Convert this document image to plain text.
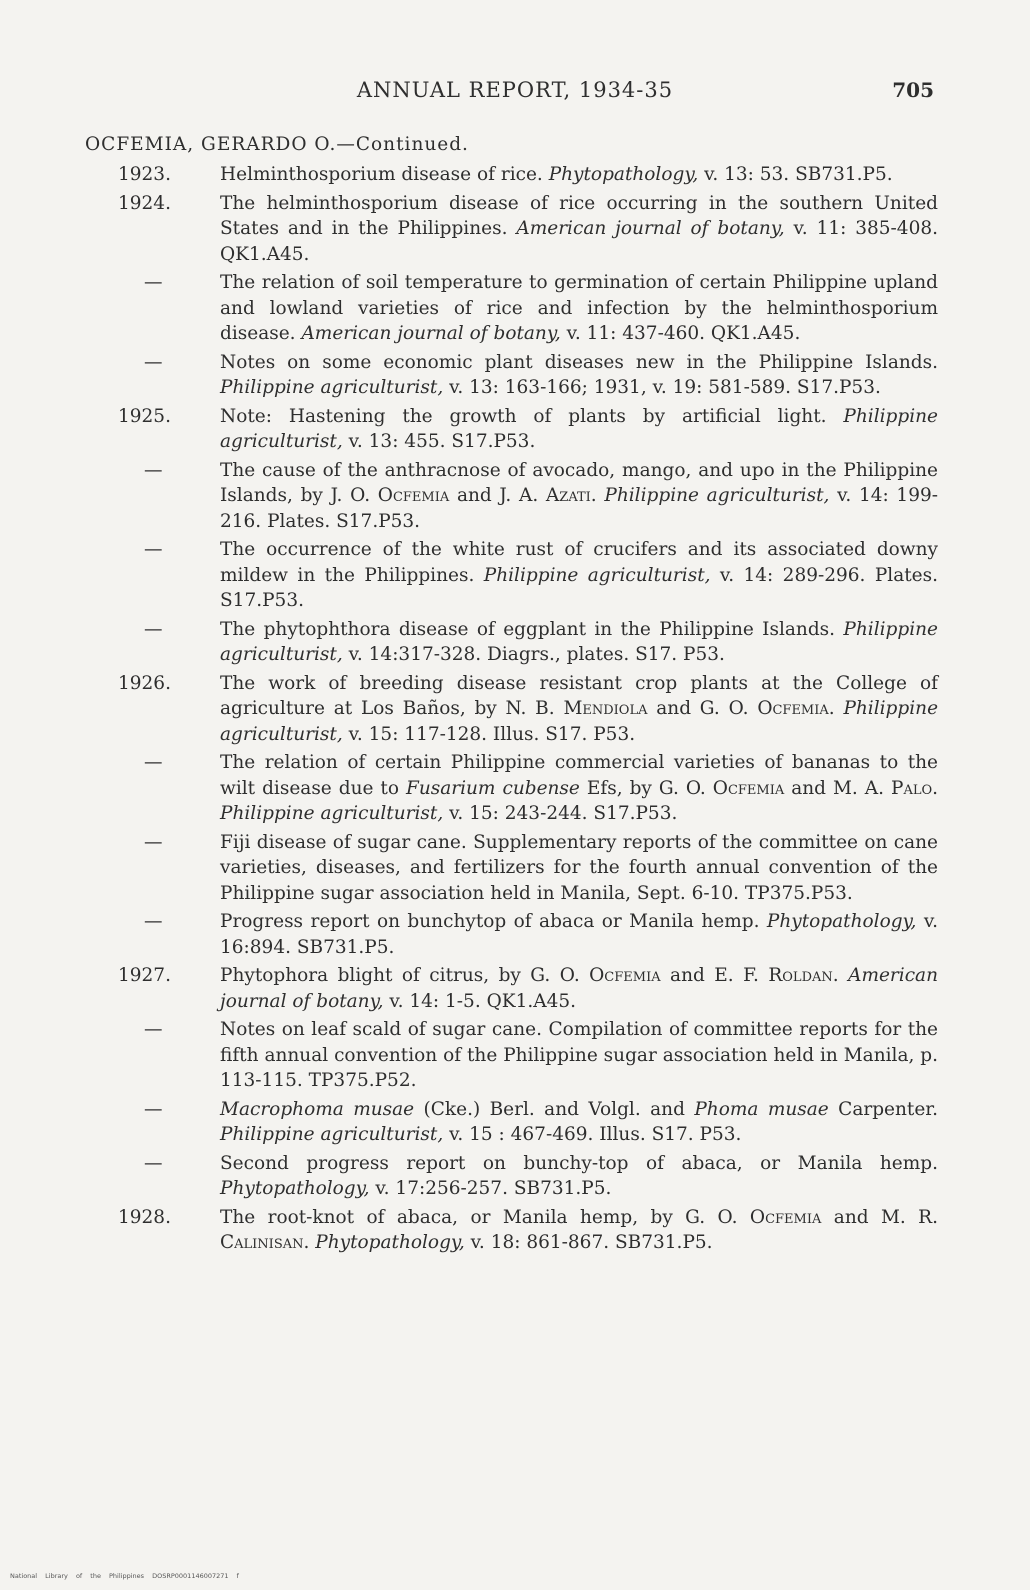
ANNUAL REPORT, 1934-35	705
OCFEMIA, GERARDO O.—Continued.
1923.	Helminthosporium disease of rice. Phytopathology, v. 13: 53. SB731.P5.
1924.	The helminthosporium disease of rice occurring in the southern United States and in the Philippines. American journal of botany, v. 11: 385-408. QK1.A45.
—	The relation of soil temperature to germination of certain Philippine upland and lowland varieties of rice and infection by the helminthosporium disease. American journal of botany, v. 11: 437-460. QK1.A45.
—	Notes on some economic plant diseases new in the Philippine Islands. Philippine agriculturist, v. 13: 163-166; 1931, v. 19: 581-589. S17.P53.
1925.	Note: Hastening the growth of plants by artificial light. Philippine agriculturist, v. 13: 455. S17.P53.
—	The cause of the anthracnose of avocado, mango, and upo in the Philippine Islands, by J. O. Ocfemia and J. A. Azati. Philippine agriculturist, v. 14: 199-216. Plates. S17.P53.
—	The occurrence of the white rust of crucifers and its associated downy mildew in the Philippines. Philippine agriculturist, v. 14: 289-296. Plates. S17.P53.
—	The phytophthora disease of eggplant in the Philippine Islands. Philippine agriculturist, v. 14:317-328. Diagrs., plates. S17. P53.
1926.	The work of breeding disease resistant crop plants at the College of agriculture at Los Baños, by N. B. Mendiola and G. O. Ocfemia. Philippine agriculturist, v. 15: 117-128. Illus. S17. P53.
—	The relation of certain Philippine commercial varieties of bananas to the wilt disease due to Fusarium cubense Efs, by G. O. Ocfemia and M. A. Palo. Philippine agriculturist, v. 15: 243-244. S17.P53.
—	Fiji disease of sugar cane. Supplementary reports of the committee on cane varieties, diseases, and fertilizers for the fourth annual convention of the Philippine sugar association held in Manila, Sept. 6-10. TP375.P53.
—	Progress report on bunchytop of abaca or Manila hemp. Phytopathology, v. 16:894. SB731.P5.
1927.	Phytophora blight of citrus, by G. O. Ocfemia and E. F. Roldan. American journal of botany, v. 14: 1-5. QK1.A45.
—	Notes on leaf scald of sugar cane. Compilation of committee reports for the fifth annual convention of the Philippine sugar association held in Manila, p. 113-115. TP375.P52.
—	Macrophoma musae (Cke.) Berl. and Volgl. and Phoma musae Carpenter. Philippine agriculturist, v. 15 : 467-469. Illus. S17. P53.
—	Second progress report on bunchy-top of abaca, or Manila hemp. Phytopathology, v. 17:256-257. SB731.P5.
1928.	The root-knot of abaca, or Manila hemp, by G. O. Ocfemia and M. R. Calinisan. Phytopathology, v. 18: 861-867. SB731.P5.
National Library of the Philippines DOSRP0001146007271 f
